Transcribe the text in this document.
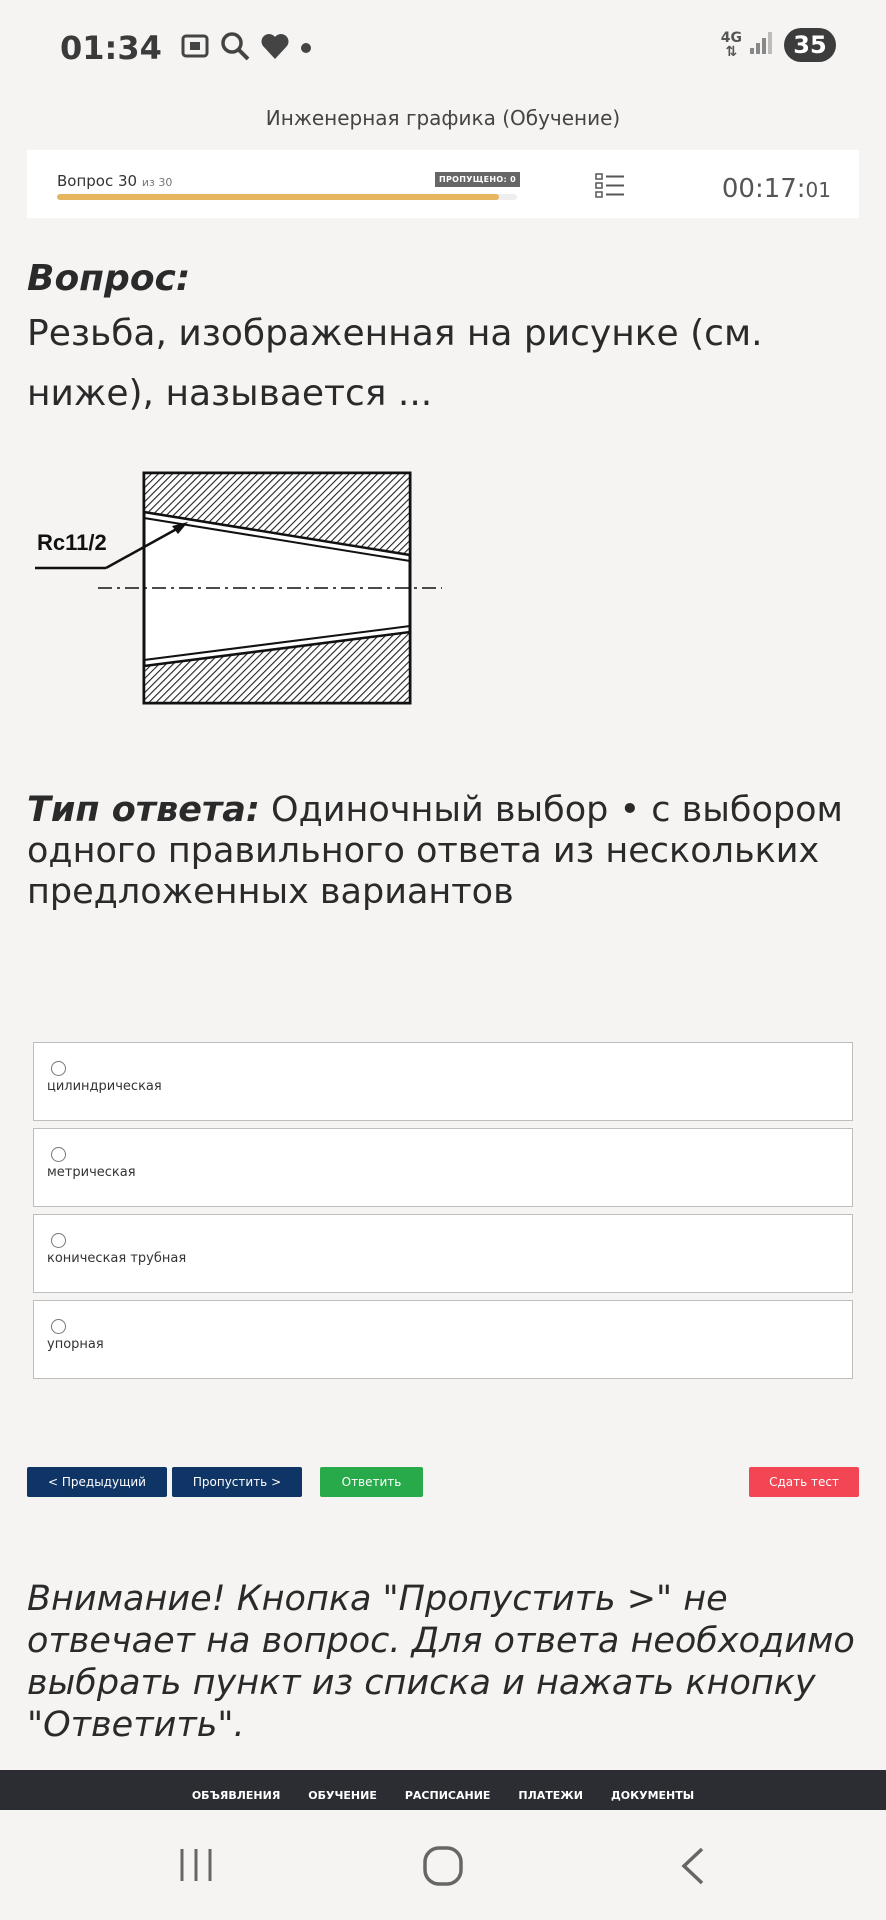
01:34	4G
⇅	35
Инженерная графика (Обучение)
Вопрос 30 из 30	ПРОПУЩЕНО: 0	00:17:01
Вопрос:
Резьба, изображенная на рисунке (см. ниже), называется ...
Rc11/2
Тип ответа: Одиночный выбор • с выбором одного правильного ответа из нескольких предложенных вариантов
цилиндрическая
метрическая
коническая трубная
упорная
< Предыдущий	Пропустить >	Ответить	Сдать тест
Внимание! Кнопка "Пропустить >" не отвечает на вопрос. Для ответа необходимо выбрать пункт из списка и нажать кнопку "Ответить".
ОБЪЯВЛЕНИЯ	ОБУЧЕНИЕ	РАСПИСАНИЕ	ПЛАТЕЖИ	ДОКУМЕНТЫ
